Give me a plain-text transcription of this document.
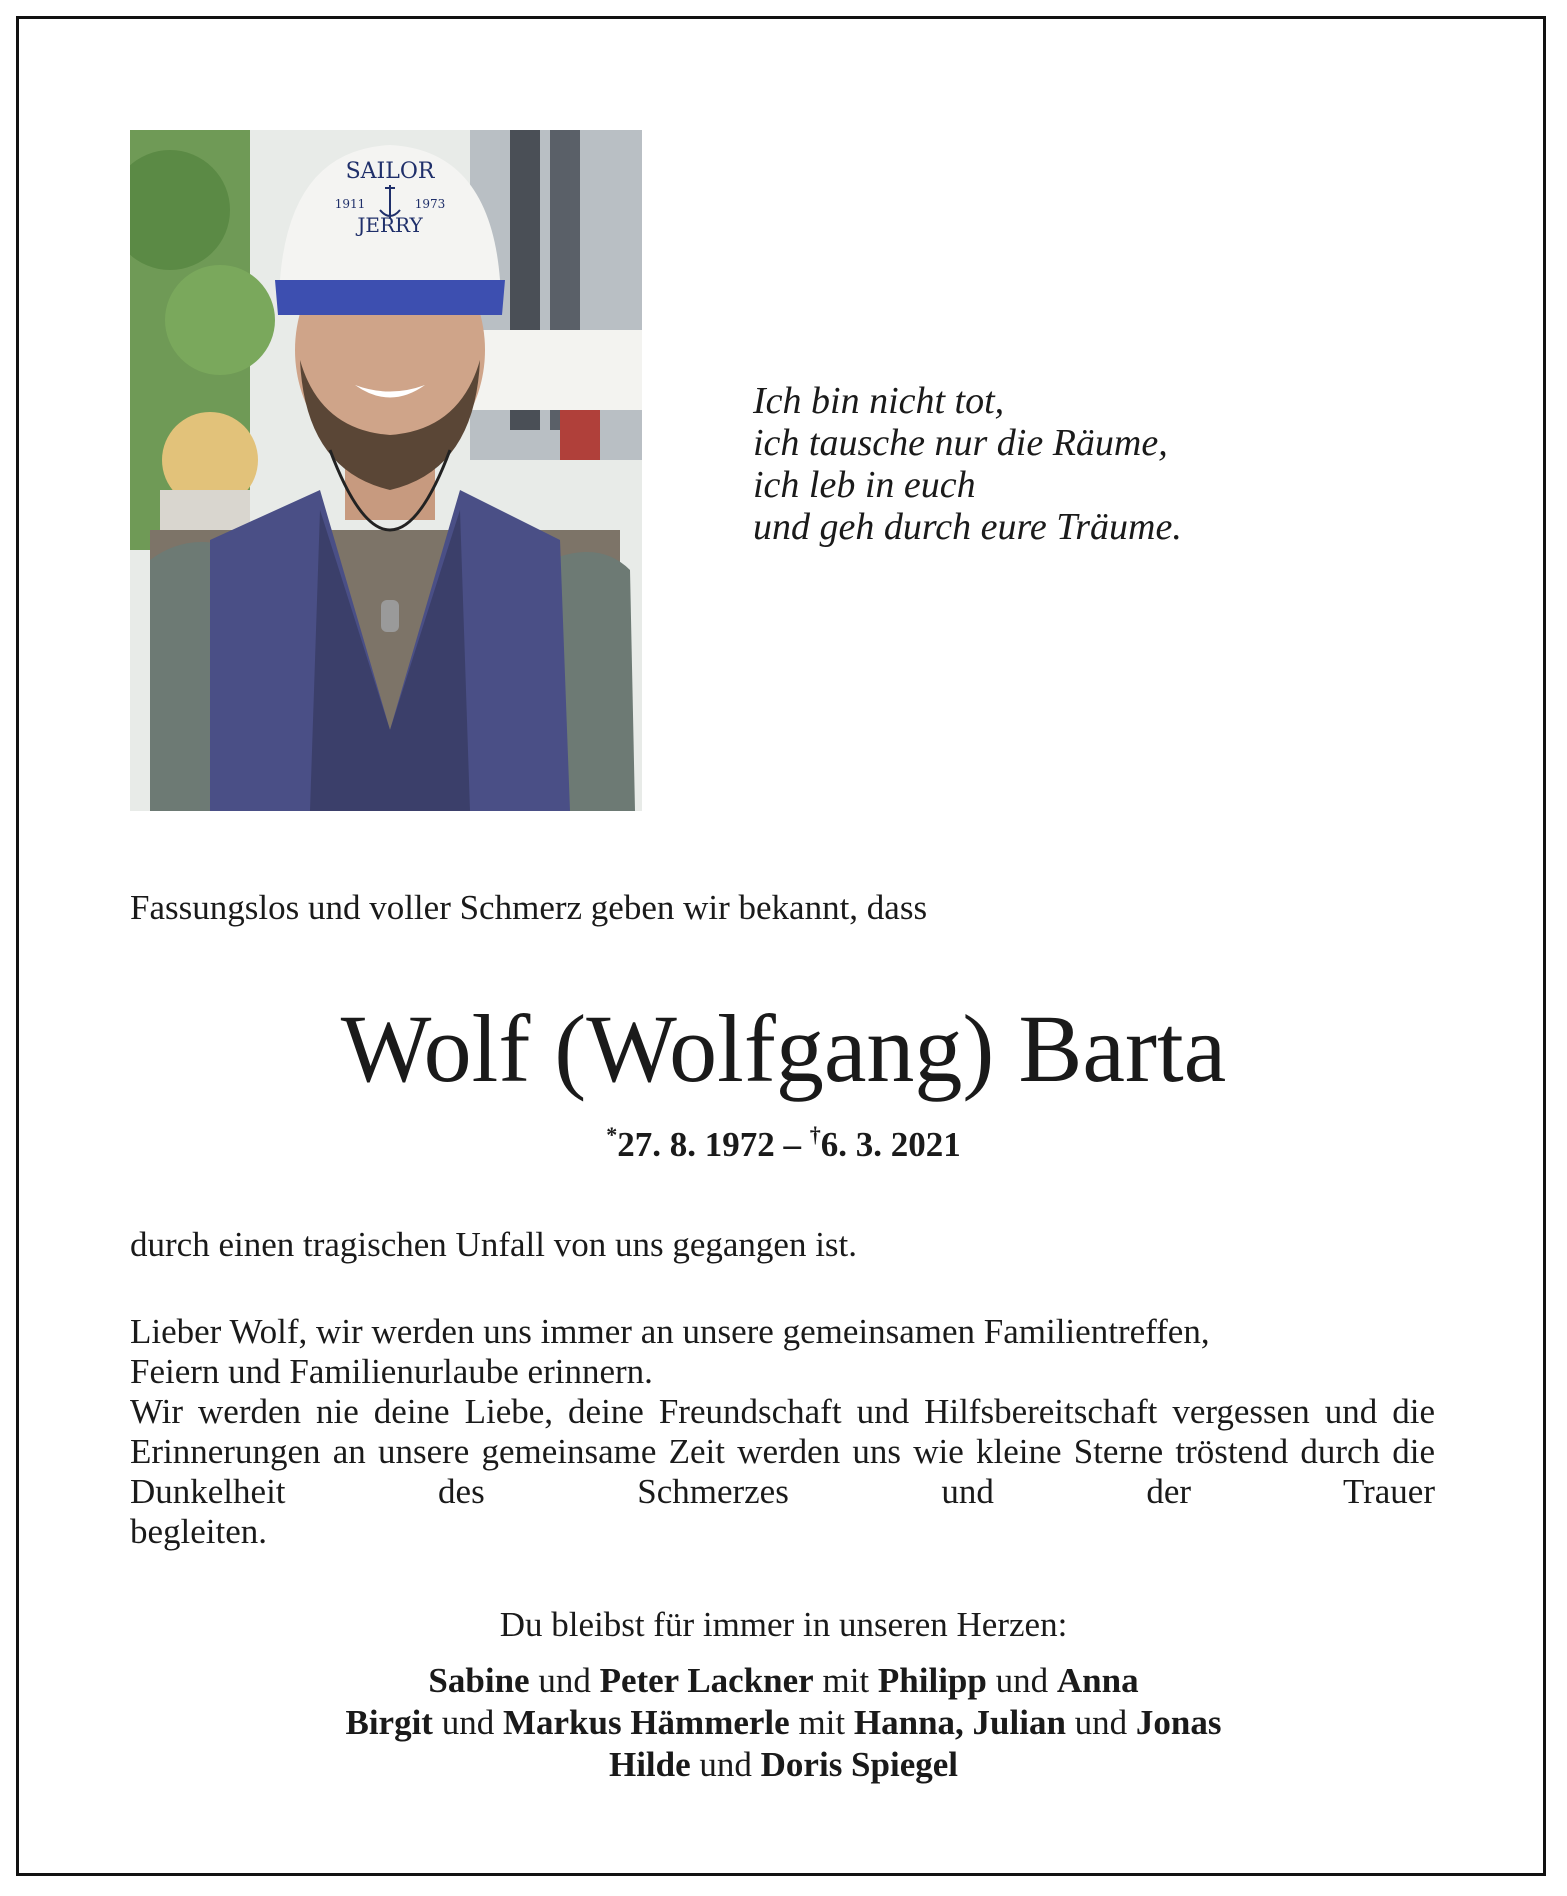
SAILOR
1911	1973
JERRY
Ich bin nicht tot,
ich tausche nur die Räume,
ich leb in euch
und geh durch eure Träume.
Fassungslos und voller Schmerz geben wir bekannt, dass
Wolf (Wolfgang) Barta
*27. 8. 1972 – †6. 3. 2021
durch einen tragischen Unfall von uns gegangen ist.
Lieber Wolf, wir werden uns immer an unsere gemeinsamen Familientreffen,
Feiern und Familienurlaube erinnern.
Wir werden nie deine Liebe, deine Freundschaft und Hilfsbereitschaft vergessen und die Erinnerungen an unsere gemeinsame Zeit werden uns wie kleine Sterne tröstend durch die Dunkelheit des Schmerzes und der Trauer
begleiten.
Du bleibst für immer in unseren Herzen:
Sabine und Peter Lackner mit Philipp und Anna
Birgit und Markus Hämmerle mit Hanna, Julian und Jonas
Hilde und Doris Spiegel
